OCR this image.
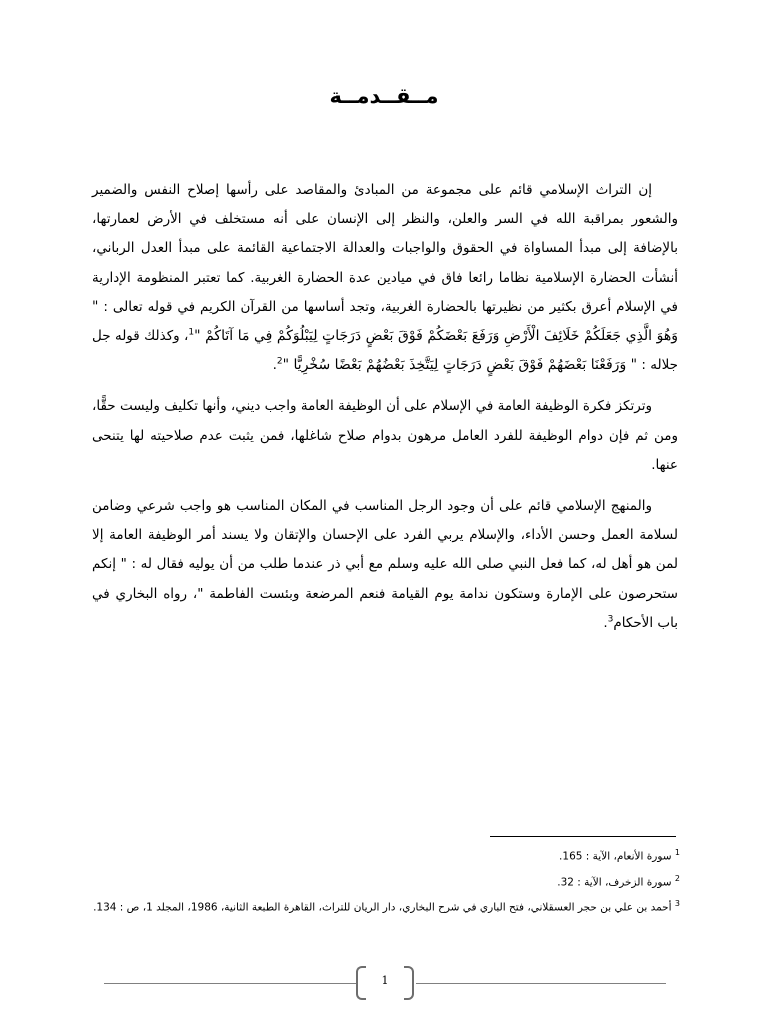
مــقــدمــة

إن التراث الإسلامي قائم على مجموعة من المبادئ والمقاصد على رأسها إصلاح النفس والضمير والشعور بمراقبة الله في السر والعلن، والنظر إلى الإنسان على أنه مستخلف في الأرض لعمارتها، بالإضافة إلى مبدأ المساواة في الحقوق والواجبات والعدالة الاجتماعية القائمة على مبدأ العدل الرباني، أنشأت الحضارة الإسلامية نظاما رائعا فاق في ميادين عدة الحضارة الغربية. كما تعتبر المنظومة الإدارية في الإسلام أعرق بكثير من نظيرتها بالحضارة الغربية، وتجد أساسها من القرآن الكريم في قوله تعالى : " وَهُوَ الَّذِي جَعَلَكُمْ خَلَائِفَ الْأَرْضِ وَرَفَعَ بَعْضَكُمْ فَوْقَ بَعْضٍ دَرَجَاتٍ لِيَبْلُوَكُمْ فِي مَا آتَاكُمْ "$^1$، وكذلك قوله جل جلاله : " وَرَفَعْنَا بَعْضَهُمْ فَوْقَ بَعْضٍ دَرَجَاتٍ لِيَتَّخِذَ بَعْضُهُمْ بَعْضًا سُخْرِيًّا "$^2$.

وترتكز فكرة الوظيفة العامة في الإسلام على أن الوظيفة العامة واجب ديني، وأنها تكليف وليست حقًّا، ومن ثم فإن دوام الوظيفة للفرد العامل مرهون بدوام صلاح شاغلها، فمن يثبت عدم صلاحيته لها يتنحى عنها.

والمنهج الإسلامي قائم على أن وجود الرجل المناسب في المكان المناسب هو واجب شرعي وضامن لسلامة العمل وحسن الأداء، والإسلام يربي الفرد على الإحسان والإتقان ولا يسند أمر الوظيفة العامة إلا لمن هو أهل له، كما فعل النبي صلى الله عليه وسلم مع أبي ذر عندما طلب من أن يوليه فقال له : " إنكم ستحرصون على الإمارة وستكون ندامة يوم القيامة فنعم المرضعة وبئست الفاطمة "، رواه البخاري في باب الأحكام$^3$.

$^1$ سورة الأنعام، الآية : 165.
$^2$ سورة الزخرف، الآية : 32.
$^3$ أحمد بن علي بن حجر العسقلاني، فتح الباري في شرح البخاري، دار الريان للتراث، القاهرة الطبعة الثانية، 1986، المجلد 1، ص : 134.
1
